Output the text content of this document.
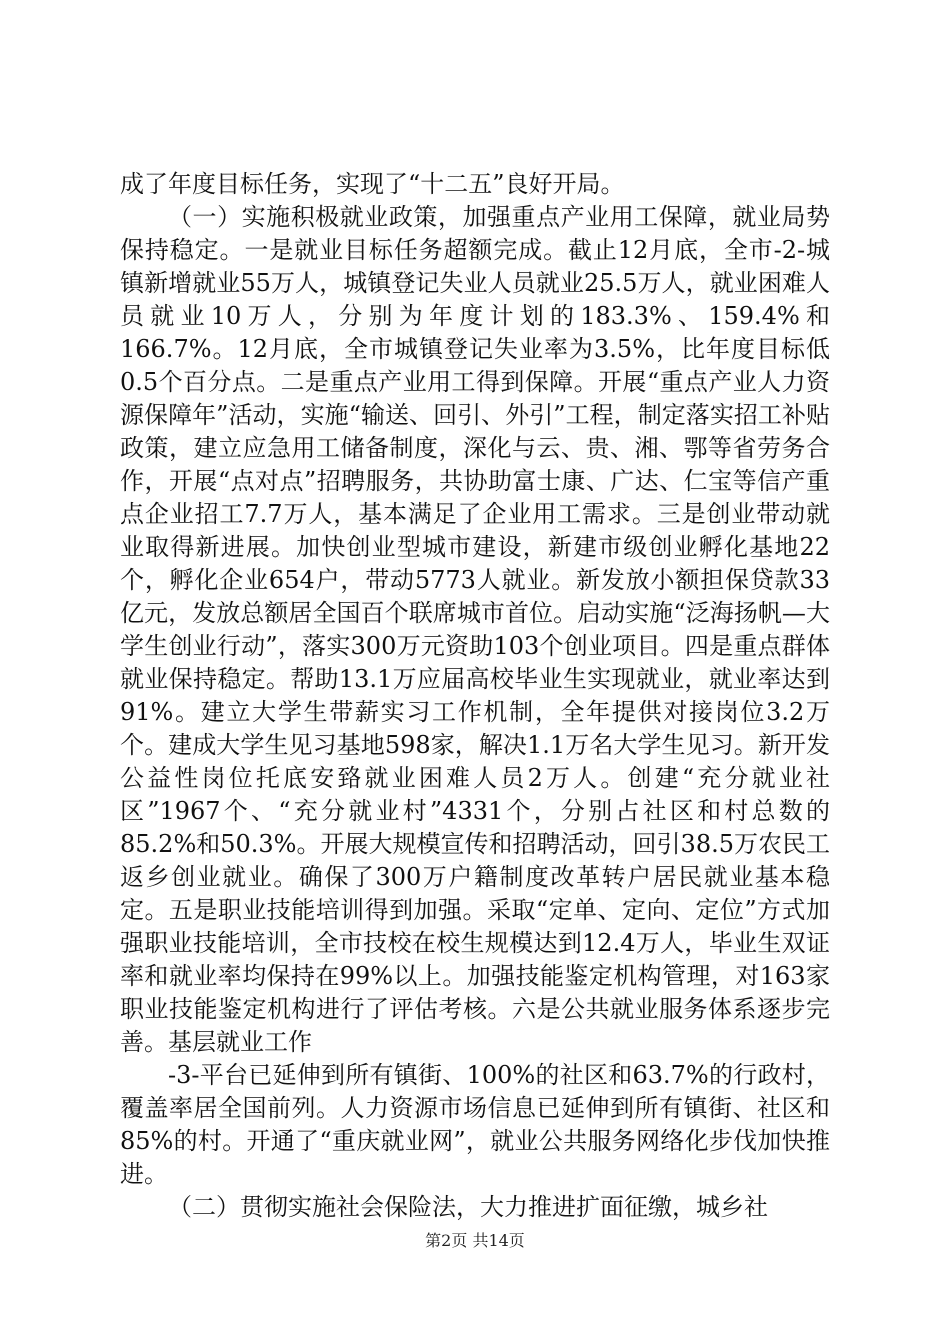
成了年度目标任务，实现了“十二五”良好开局。

（一）实施积极就业政策，加强重点产业用工保障，就业局势保持稳定。一是就业目标任务超额完成。截止12月底，全市-2-城镇新增就业55万人，城镇登记失业人员就业25.5万人，就业困难人员就业10万人，分别为年度计划的183.3%、159.4%和166.7%。12月底，全市城镇登记失业率为3.5%，比年度目标低0.5个百分点。二是重点产业用工得到保障。开展“重点产业人力资源保障年”活动，实施“输送、回引、外引”工程，制定落实招工补贴政策，建立应急用工储备制度，深化与云、贵、湘、鄂等省劳务合作，开展“点对点”招聘服务，共协助富士康、广达、仁宝等信产重点企业招工7.7万人，基本满足了企业用工需求。三是创业带动就业取得新进展。加快创业型城市建设，新建市级创业孵化基地22个，孵化企业654户，带动5773人就业。新发放小额担保贷款33亿元，发放总额居全国百个联席城市首位。启动实施“泛海扬帆—大学生创业行动”，落实300万元资助103个创业项目。四是重点群体就业保持稳定。帮助13.1万应届高校毕业生实现就业，就业率达到91%。建立大学生带薪实习工作机制，全年提供对接岗位3.2万个。建成大学生见习基地598家，解决1.1万名大学生见习。新开发公益性岗位托底安臵就业困难人员2万人。创建“充分就业社区”1967个、“充分就业村”4331个，分别占社区和村总数的85.2%和50.3%。开展大规模宣传和招聘活动，回引38.5万农民工返乡创业就业。确保了300万户籍制度改革转户居民就业基本稳定。五是职业技能培训得到加强。采取“定单、定向、定位”方式加强职业技能培训，全市技校在校生规模达到12.4万人，毕业生双证率和就业率均保持在99%以上。加强技能鉴定机构管理，对163家职业技能鉴定机构进行了评估考核。六是公共就业服务体系逐步完善。基层就业工作

-3-平台已延伸到所有镇街、100%的社区和63.7%的行政村，覆盖率居全国前列。人力资源市场信息已延伸到所有镇街、社区和85%的村。开通了“重庆就业网”，就业公共服务网络化步伐加快推进。

（二）贯彻实施社会保险法，大力推进扩面征缴，城乡社

第2页 共14页
